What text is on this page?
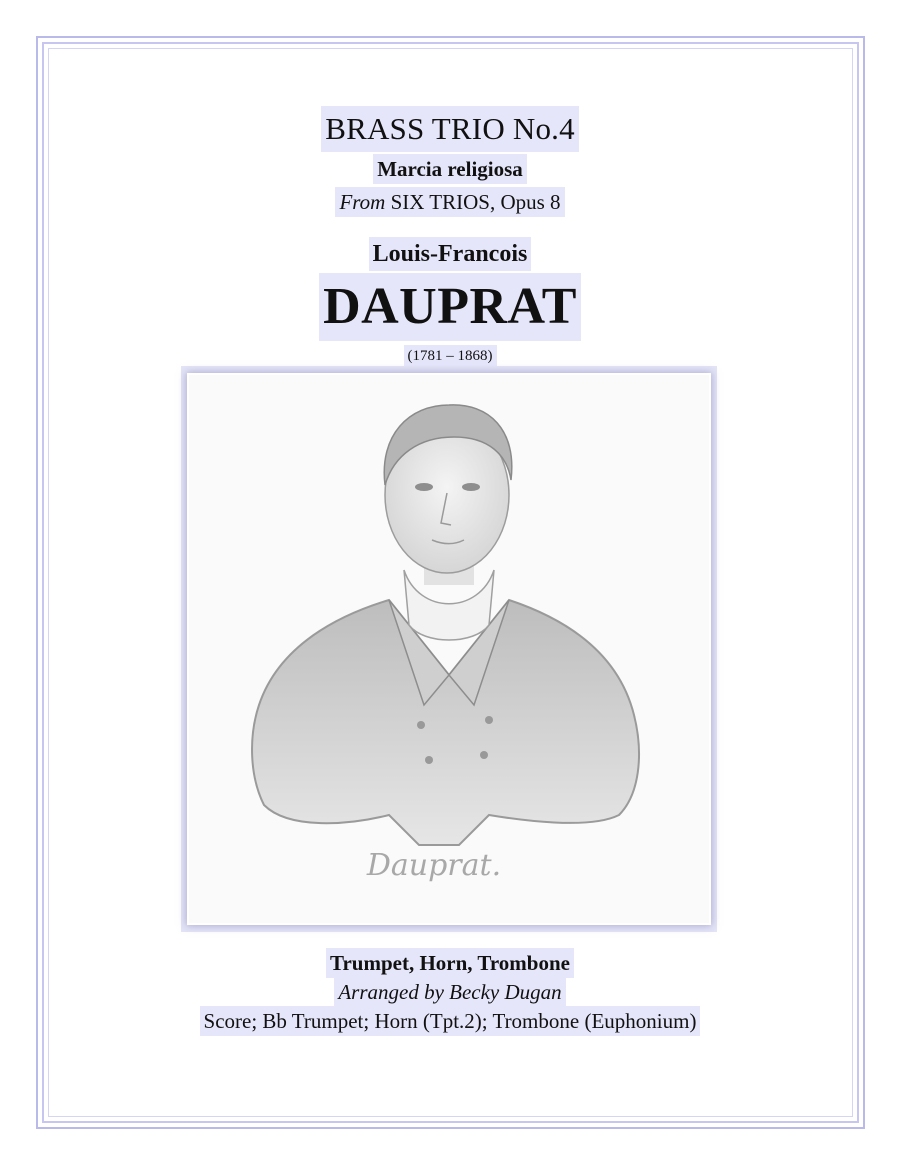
BRASS TRIO No.4
Marcia religiosa
From SIX TRIOS, Opus 8
Louis-Francois
DAUPRAT
(1781 – 1868)
Dauprat.
Trumpet, Horn, Trombone
Arranged by Becky Dugan
Score; Bb Trumpet; Horn (Tpt.2); Trombone (Euphonium)
